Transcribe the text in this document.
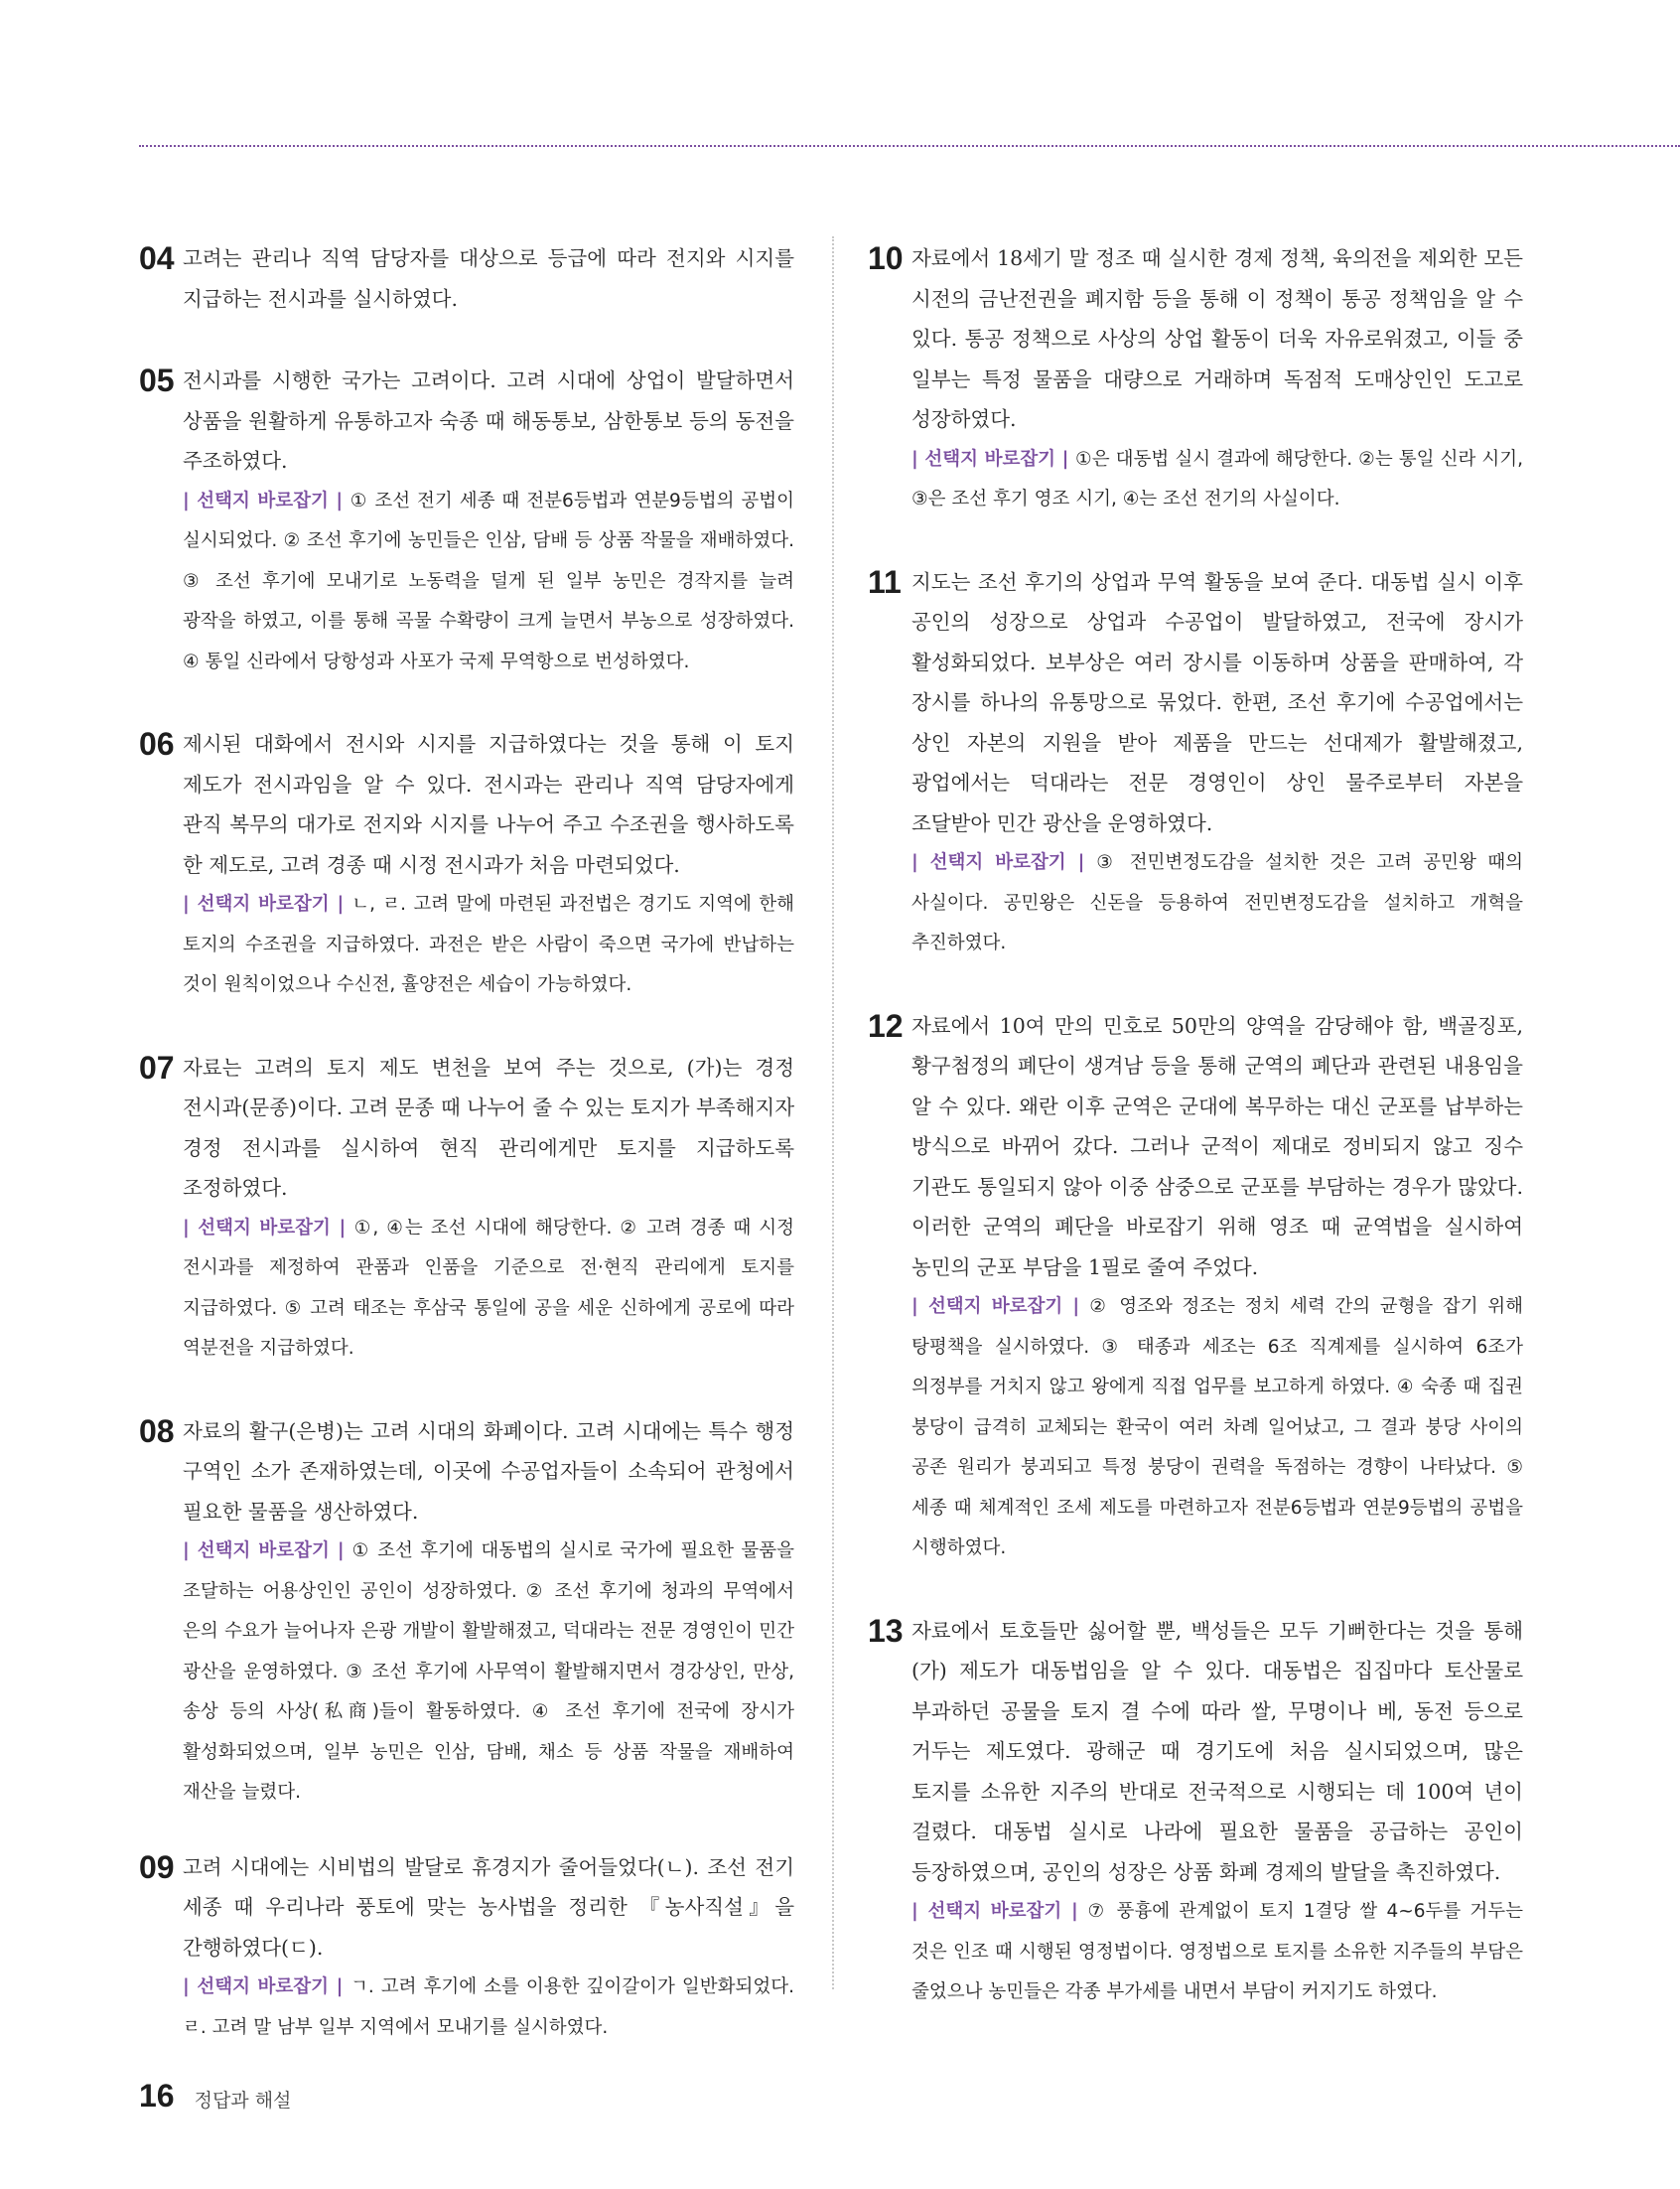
04 고려는 관리나 직역 담당자를 대상으로 등급에 따라 전지와 시지를 지급하는 전시과를 실시하였다.
05 전시과를 시행한 국가는 고려이다. 고려 시대에 상업이 발달하면서 상품을 원활하게 유통하고자 숙종 때 해동통보, 삼한통보 등의 동전을 주조하였다.
| 선택지 바로잡기 | ① 조선 전기 세종 때 전분6등법과 연분9등법의 공법이 실시되었다. ② 조선 후기에 농민들은 인삼, 담배 등 상품 작물을 재배하였다. ③ 조선 후기에 모내기로 노동력을 덜게 된 일부 농민은 경작지를 늘려 광작을 하였고, 이를 통해 곡물 수확량이 크게 늘면서 부농으로 성장하였다. ④ 통일 신라에서 당항성과 사포가 국제 무역항으로 번성하였다.
06 제시된 대화에서 전시와 시지를 지급하였다는 것을 통해 이 토지 제도가 전시과임을 알 수 있다. 전시과는 관리나 직역 담당자에게 관직 복무의 대가로 전지와 시지를 나누어 주고 수조권을 행사하도록 한 제도로, 고려 경종 때 시정 전시과가 처음 마련되었다.
| 선택지 바로잡기 | ㄴ, ㄹ. 고려 말에 마련된 과전법은 경기도 지역에 한해 토지의 수조권을 지급하였다. 과전은 받은 사람이 죽으면 국가에 반납하는 것이 원칙이었으나 수신전, 휼양전은 세습이 가능하였다.
07 자료는 고려의 토지 제도 변천을 보여 주는 것으로, (가)는 경정 전시과(문종)이다. 고려 문종 때 나누어 줄 수 있는 토지가 부족해지자 경정 전시과를 실시하여 현직 관리에게만 토지를 지급하도록 조정하였다.
| 선택지 바로잡기 | ①, ④는 조선 시대에 해당한다. ② 고려 경종 때 시정 전시과를 제정하여 관품과 인품을 기준으로 전·현직 관리에게 토지를 지급하였다. ⑤ 고려 태조는 후삼국 통일에 공을 세운 신하에게 공로에 따라 역분전을 지급하였다.
08 자료의 활구(은병)는 고려 시대의 화폐이다. 고려 시대에는 특수 행정 구역인 소가 존재하였는데, 이곳에 수공업자들이 소속되어 관청에서 필요한 물품을 생산하였다.
| 선택지 바로잡기 | ① 조선 후기에 대동법의 실시로 국가에 필요한 물품을 조달하는 어용상인인 공인이 성장하였다. ② 조선 후기에 청과의 무역에서 은의 수요가 늘어나자 은광 개발이 활발해졌고, 덕대라는 전문 경영인이 민간 광산을 운영하였다. ③ 조선 후기에 사무역이 활발해지면서 경강상인, 만상, 송상 등의 사상(私商)들이 활동하였다. ④ 조선 후기에 전국에 장시가 활성화되었으며, 일부 농민은 인삼, 담배, 채소 등 상품 작물을 재배하여 재산을 늘렸다.
09 고려 시대에는 시비법의 발달로 휴경지가 줄어들었다(ㄴ). 조선 전기 세종 때 우리나라 풍토에 맞는 농사법을 정리한 『농사직설』을 간행하였다(ㄷ).
| 선택지 바로잡기 | ㄱ. 고려 후기에 소를 이용한 깊이갈이가 일반화되었다. ㄹ. 고려 말 남부 일부 지역에서 모내기를 실시하였다.
10 자료에서 18세기 말 정조 때 실시한 경제 정책, 육의전을 제외한 모든 시전의 금난전권을 폐지함 등을 통해 이 정책이 통공 정책임을 알 수 있다. 통공 정책으로 사상의 상업 활동이 더욱 자유로워졌고, 이들 중 일부는 특정 물품을 대량으로 거래하며 독점적 도매상인인 도고로 성장하였다.
| 선택지 바로잡기 | ①은 대동법 실시 결과에 해당한다. ②는 통일 신라 시기, ③은 조선 후기 영조 시기, ④는 조선 전기의 사실이다.
11 지도는 조선 후기의 상업과 무역 활동을 보여 준다. 대동법 실시 이후 공인의 성장으로 상업과 수공업이 발달하였고, 전국에 장시가 활성화되었다. 보부상은 여러 장시를 이동하며 상품을 판매하여, 각 장시를 하나의 유통망으로 묶었다. 한편, 조선 후기에 수공업에서는 상인 자본의 지원을 받아 제품을 만드는 선대제가 활발해졌고, 광업에서는 덕대라는 전문 경영인이 상인 물주로부터 자본을 조달받아 민간 광산을 운영하였다.
| 선택지 바로잡기 | ③ 전민변정도감을 설치한 것은 고려 공민왕 때의 사실이다. 공민왕은 신돈을 등용하여 전민변정도감을 설치하고 개혁을 추진하였다.
12 자료에서 10여 만의 민호로 50만의 양역을 감당해야 함, 백골징포, 황구첨정의 폐단이 생겨남 등을 통해 군역의 폐단과 관련된 내용임을 알 수 있다. 왜란 이후 군역은 군대에 복무하는 대신 군포를 납부하는 방식으로 바뀌어 갔다. 그러나 군적이 제대로 정비되지 않고 징수 기관도 통일되지 않아 이중 삼중으로 군포를 부담하는 경우가 많았다. 이러한 군역의 폐단을 바로잡기 위해 영조 때 균역법을 실시하여 농민의 군포 부담을 1필로 줄여 주었다.
| 선택지 바로잡기 | ② 영조와 정조는 정치 세력 간의 균형을 잡기 위해 탕평책을 실시하였다. ③ 태종과 세조는 6조 직계제를 실시하여 6조가 의정부를 거치지 않고 왕에게 직접 업무를 보고하게 하였다. ④ 숙종 때 집권 붕당이 급격히 교체되는 환국이 여러 차례 일어났고, 그 결과 붕당 사이의 공존 원리가 붕괴되고 특정 붕당이 권력을 독점하는 경향이 나타났다. ⑤ 세종 때 체계적인 조세 제도를 마련하고자 전분6등법과 연분9등법의 공법을 시행하였다.
13 자료에서 토호들만 싫어할 뿐, 백성들은 모두 기뻐한다는 것을 통해 (가) 제도가 대동법임을 알 수 있다. 대동법은 집집마다 토산물로 부과하던 공물을 토지 결 수에 따라 쌀, 무명이나 베, 동전 등으로 거두는 제도였다. 광해군 때 경기도에 처음 실시되었으며, 많은 토지를 소유한 지주의 반대로 전국적으로 시행되는 데 100여 년이 걸렸다. 대동법 실시로 나라에 필요한 물품을 공급하는 공인이 등장하였으며, 공인의 성장은 상품 화폐 경제의 발달을 촉진하였다.
| 선택지 바로잡기 | ⑦ 풍흉에 관계없이 토지 1결당 쌀 4~6두를 거두는 것은 인조 때 시행된 영정법이다. 영정법으로 토지를 소유한 지주들의 부담은 줄었으나 농민들은 각종 부가세를 내면서 부담이 커지기도 하였다.
16 정답과 해설
